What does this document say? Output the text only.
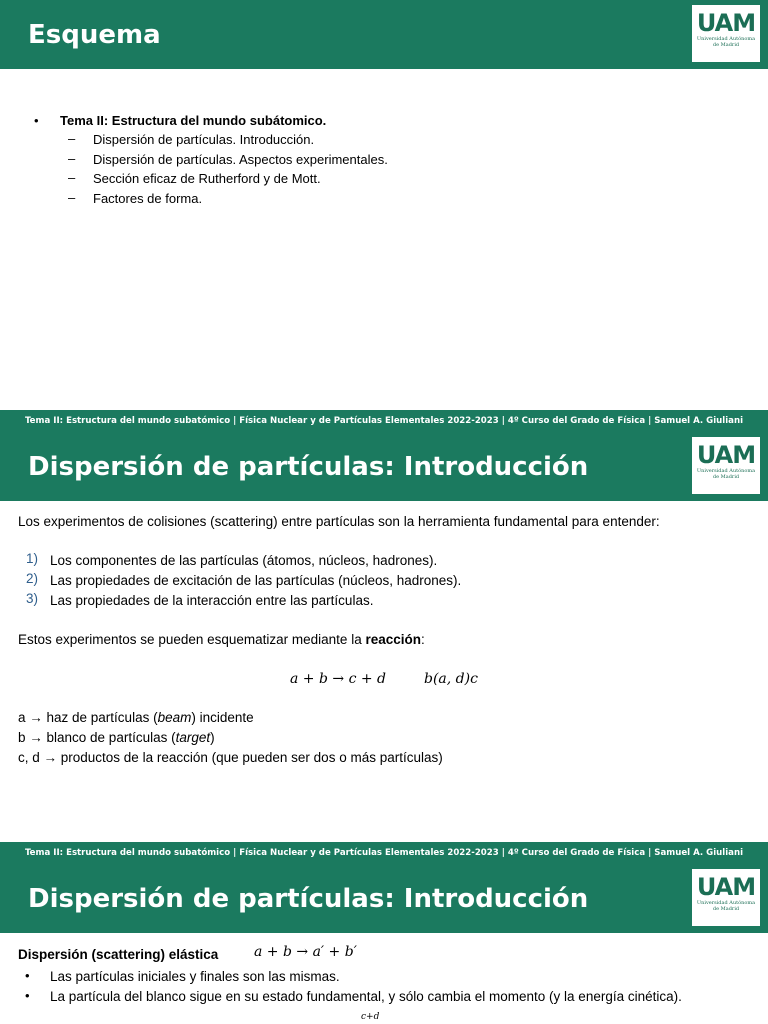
Esquema	UAM
Universidad Autónoma
de Madrid
• Tema II: Estructura del mundo subátomico.
– Dispersión de partículas. Introducción.
– Dispersión de partículas. Aspectos experimentales.
– Sección eficaz de Rutherford y de Mott.
– Factores de forma.
Tema II: Estructura del mundo subatómico | Física Nuclear y de Partículas Elementales 2022-2023 | 4º Curso del Grado de Física | Samuel A. Giuliani
Dispersión de partículas: Introducción	UAM
Universidad Autónoma
de Madrid
Los experimentos de colisiones (scattering) entre partículas son la herramienta fundamental para entender:
1) Los componentes de las partículas (átomos, núcleos, hadrones).
2) Las propiedades de excitación de las partículas (núcleos, hadrones).
3) Las propiedades de la interacción entre las partículas.
Estos experimentos se pueden esquematizar mediante la reacción:
a + b → c + d	b(a, d)c
a → haz de partículas (beam) incidente
b → blanco de partículas (target)
c, d → productos de la reacción (que pueden ser dos o más partículas)
Tema II: Estructura del mundo subatómico | Física Nuclear y de Partículas Elementales 2022-2023 | 4º Curso del Grado de Física | Samuel A. Giuliani
Dispersión de partículas: Introducción	UAM
Universidad Autónoma
de Madrid
Dispersión (scattering) elástica	a + b → a′ + b′
• Las partículas iniciales y finales son las mismas.
• La partícula del blanco sigue en su estado fundamental, y sólo cambia el momento (y la energía cinética).
c+d
